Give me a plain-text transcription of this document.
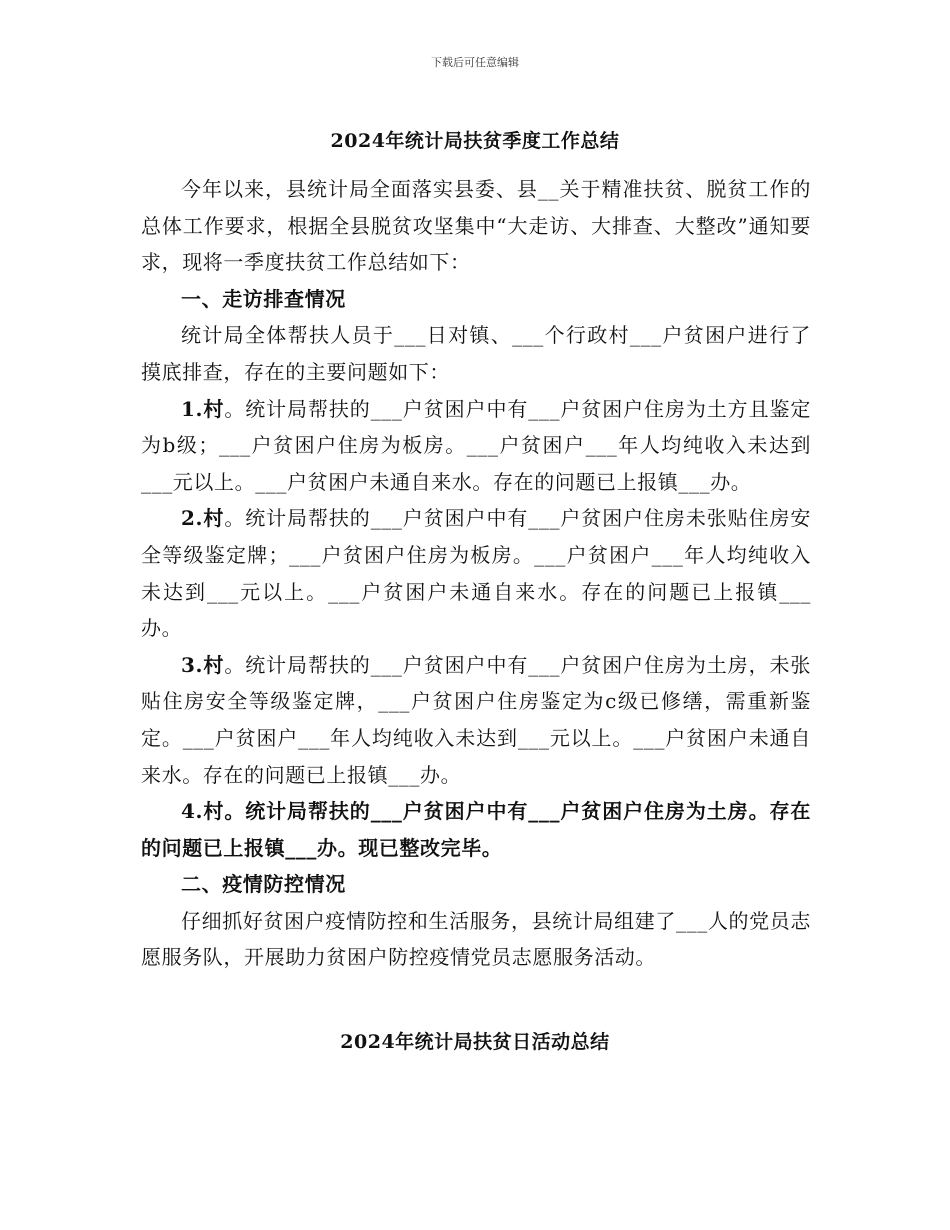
下载后可任意编辑
2024年统计局扶贫季度工作总结

今年以来，县统计局全面落实县委、县__关于精准扶贫、脱贫工作的总体工作要求，根据全县脱贫攻坚集中“大走访、大排查、大整改”通知要求，现将一季度扶贫工作总结如下：

一、走访排查情况

统计局全体帮扶人员于___日对镇、___个行政村___户贫困户进行了摸底排查，存在的主要问题如下：

1.村。统计局帮扶的___户贫困户中有___户贫困户住房为土方且鉴定为b级；___户贫困户住房为板房。___户贫困户___年人均纯收入未达到___元以上。___户贫困户未通自来水。存在的问题已上报镇___办。

2.村。统计局帮扶的___户贫困户中有___户贫困户住房未张贴住房安全等级鉴定牌；___户贫困户住房为板房。___户贫困户___年人均纯收入未达到___元以上。___户贫困户未通自来水。存在的问题已上报镇___办。

3.村。统计局帮扶的___户贫困户中有___户贫困户住房为土房，未张贴住房安全等级鉴定牌，___户贫困户住房鉴定为c级已修缮，需重新鉴定。___户贫困户___年人均纯收入未达到___元以上。___户贫困户未通自来水。存在的问题已上报镇___办。

4.村。统计局帮扶的___户贫困户中有___户贫困户住房为土房。存在的问题已上报镇___办。现已整改完毕。

二、疫情防控情况

仔细抓好贫困户疫情防控和生活服务，县统计局组建了___人的党员志愿服务队，开展助力贫困户防控疫情党员志愿服务活动。

2024年统计局扶贫日活动总结
